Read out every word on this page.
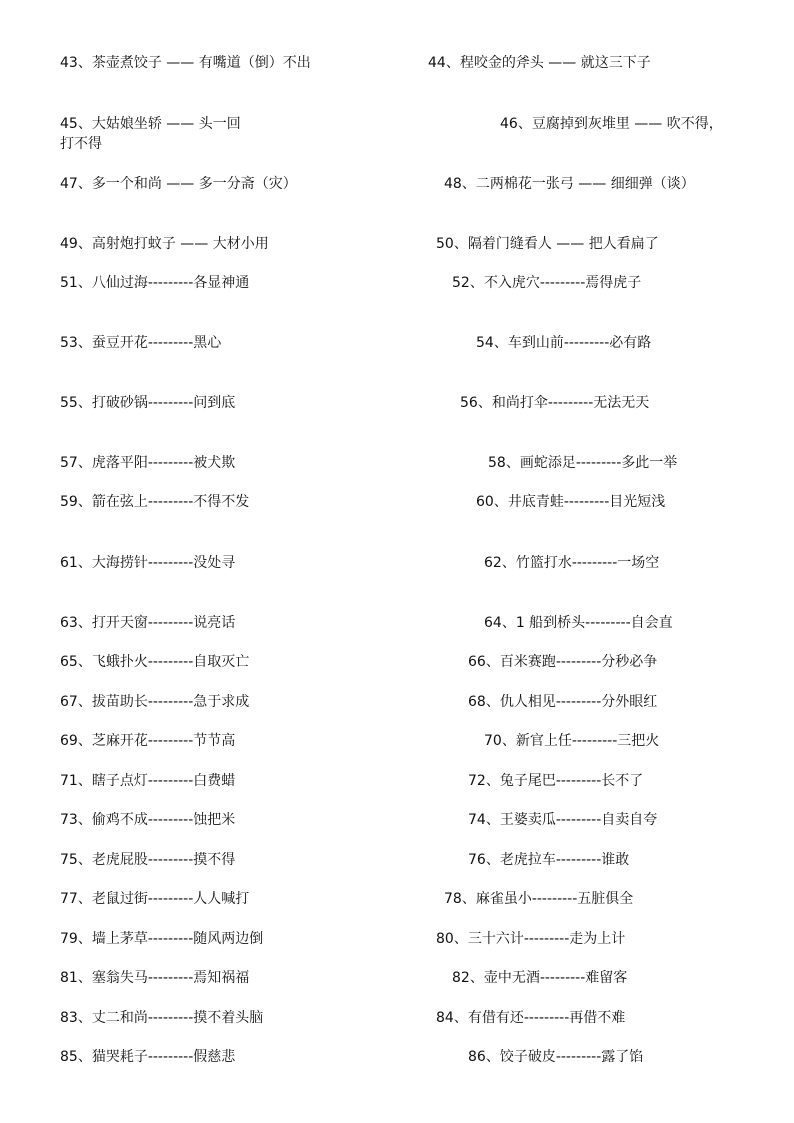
43、茶壶煮饺子 —— 有嘴道（倒）不出	44、程咬金的斧头 —— 就这三下子
45、大姑娘坐轿 —— 头一回	46、豆腐掉到灰堆里 —— 吹不得，
打不得
47、多一个和尚 —— 多一分斋（灾）	48、二两棉花一张弓 —— 细细弹（谈）
49、高射炮打蚊子 —— 大材小用	50、隔着门缝看人 —— 把人看扁了
51、八仙过海---------各显神通	52、不入虎穴---------焉得虎子
53、蚕豆开花---------黑心	54、车到山前---------必有路
55、打破砂锅---------问到底	56、和尚打伞---------无法无天
57、虎落平阳---------被犬欺	58、画蛇添足---------多此一举
59、箭在弦上---------不得不发	60、井底青蛙---------目光短浅
61、大海捞针---------没处寻	62、竹篮打水---------一场空
63、打开天窗---------说亮话	64、1 船到桥头---------自会直
65、飞蛾扑火---------自取灭亡	66、百米赛跑---------分秒必争
67、拔苗助长---------急于求成	68、仇人相见---------分外眼红
69、芝麻开花---------节节高	70、新官上任---------三把火
71、瞎子点灯---------白费蜡	72、兔子尾巴---------长不了
73、偷鸡不成---------蚀把米	74、王婆卖瓜---------自卖自夸
75、老虎屁股---------摸不得	76、老虎拉车---------谁敢
77、老鼠过街---------人人喊打	78、麻雀虽小---------五脏俱全
79、墙上茅草---------随风两边倒	80、三十六计---------走为上计
81、塞翁失马---------焉知祸福	82、壶中无酒---------难留客
83、丈二和尚---------摸不着头脑	84、有借有还---------再借不难
85、猫哭耗子---------假慈悲	86、饺子破皮---------露了馅
